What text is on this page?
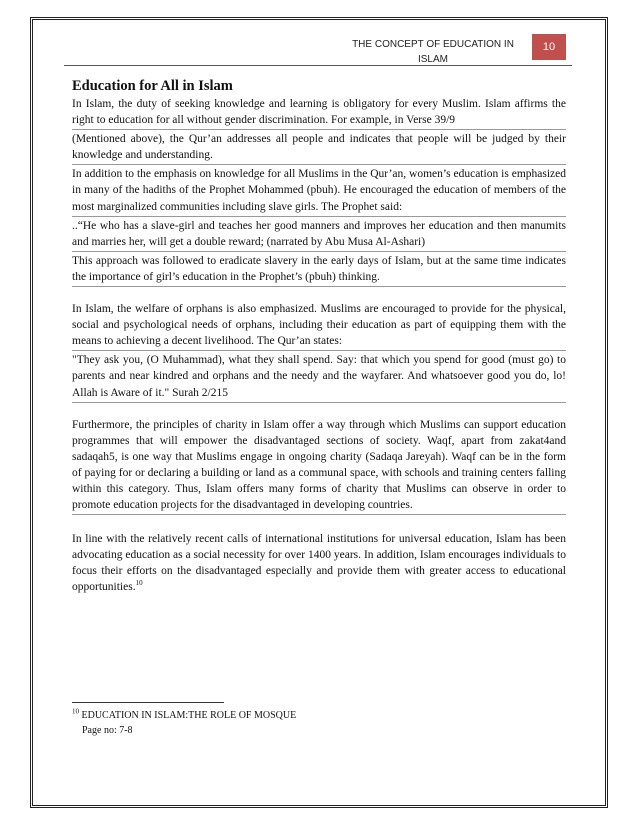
THE CONCEPT OF EDUCATION IN
ISLAM
10
Education for All in Islam

In Islam, the duty of seeking knowledge and learning is obligatory for every Muslim. Islam affirms the right to education for all without gender discrimination. For example, in Verse 39/9

(Mentioned above), the Qur’an addresses all people and indicates that people will be judged by their knowledge and understanding.

In addition to the emphasis on knowledge for all Muslims in the Qur’an, women’s education is emphasized in many of the hadiths of the Prophet Mohammed (pbuh). He encouraged the education of members of the most marginalized communities including slave girls. The Prophet said:

..“He who has a slave-girl and teaches her good manners and improves her education and then manumits and marries her, will get a double reward; (narrated by Abu Musa Al-Ashari)

This approach was followed to eradicate slavery in the early days of Islam, but at the same time indicates the importance of girl’s education in the Prophet’s (pbuh) thinking.

In Islam, the welfare of orphans is also emphasized. Muslims are encouraged to provide for the physical, social and psychological needs of orphans, including their education as part of equipping them with the means to achieving a decent livelihood. The Qur’an states:

"They ask you, (O Muhammad), what they shall spend. Say: that which you spend for good (must go) to parents and near kindred and orphans and the needy and the wayfarer. And whatsoever good you do, lo! Allah is Aware of it." Surah 2/215

Furthermore, the principles of charity in Islam offer a way through which Muslims can support education programmes that will empower the disadvantaged sections of society. Waqf, apart from zakat4and sadaqah5, is one way that Muslims engage in ongoing charity (Sadaqa Jareyah). Waqf can be in the form of paying for or declaring a building or land as a communal space, with schools and training centers falling within this category. Thus, Islam offers many forms of charity that Muslims can observe in order to promote education projects for the disadvantaged in developing countries.

In line with the relatively recent calls of international institutions for universal education, Islam has been advocating education as a social necessity for over 1400 years. In addition, Islam encourages individuals to focus their efforts on the disadvantaged especially and provide them with greater access to educational opportunities.$^{10}$

$^{10}$ EDUCATION IN ISLAM:THE ROLE OF MOSQUE
Page no: 7-8
